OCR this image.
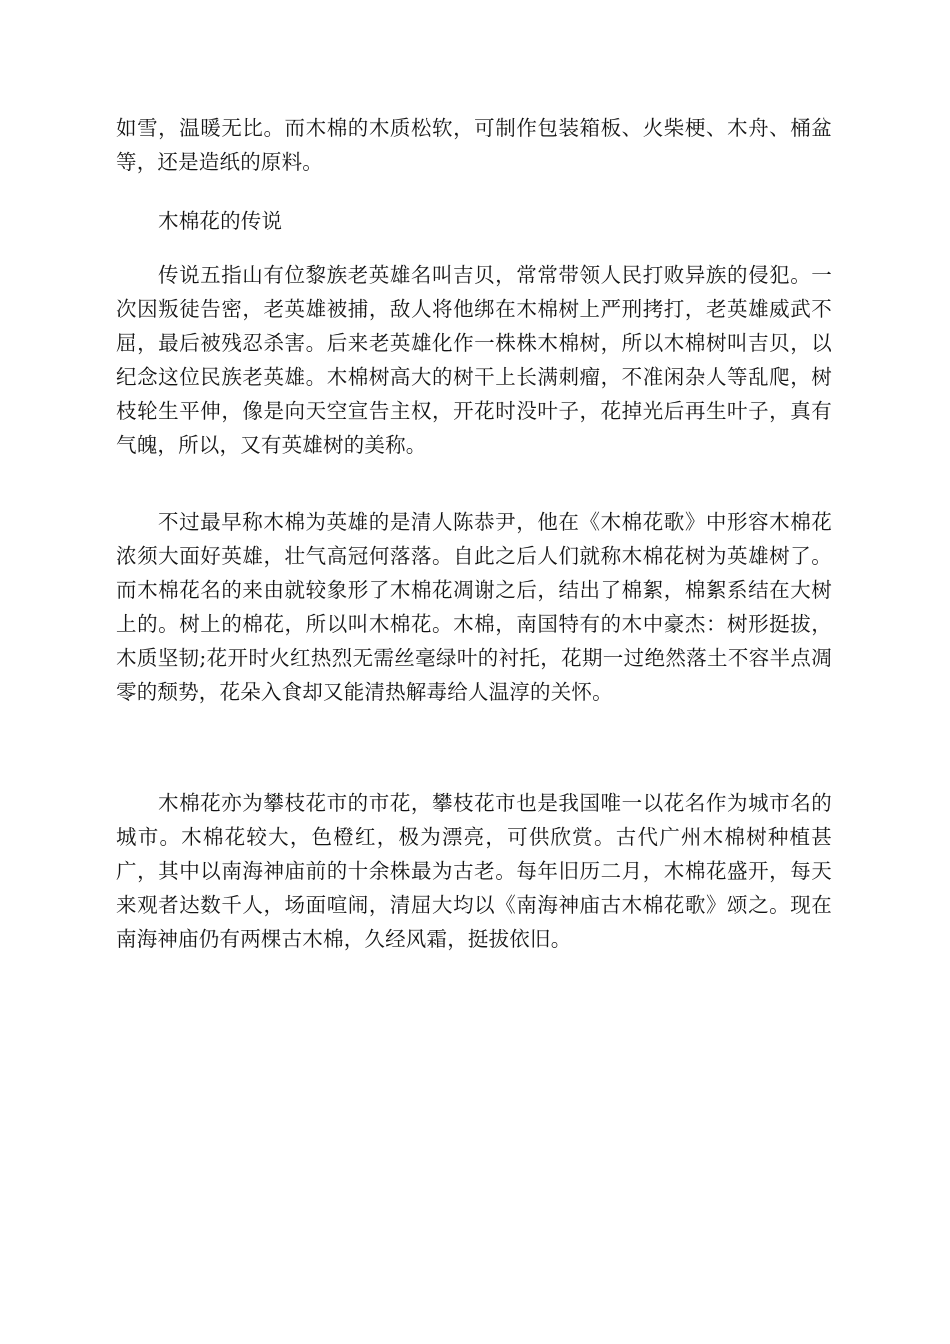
如雪，温暖无比。而木棉的木质松软，可制作包装箱板、火柴梗、木舟、桶盆等，还是造纸的原料。

木棉花的传说

传说五指山有位黎族老英雄名叫吉贝，常常带领人民打败异族的侵犯。一次因叛徒告密，老英雄被捕，敌人将他绑在木棉树上严刑拷打，老英雄威武不屈，最后被残忍杀害。后来老英雄化作一株株木棉树，所以木棉树叫吉贝，以纪念这位民族老英雄。木棉树高大的树干上长满刺瘤，不准闲杂人等乱爬，树枝轮生平伸，像是向天空宣告主权，开花时没叶子，花掉光后再生叶子，真有气魄，所以，又有英雄树的美称。

不过最早称木棉为英雄的是清人陈恭尹，他在《木棉花歌》中形容木棉花浓须大面好英雄，壮气高冠何落落。自此之后人们就称木棉花树为英雄树了。而木棉花名的来由就较象形了木棉花凋谢之后，结出了棉絮，棉絮系结在大树上的。树上的棉花，所以叫木棉花。木棉，南国特有的木中豪杰：树形挺拔，木质坚韧;花开时火红热烈无需丝毫绿叶的衬托，花期一过绝然落土不容半点凋零的颓势，花朵入食却又能清热解毒给人温淳的关怀。

木棉花亦为攀枝花市的市花，攀枝花市也是我国唯一以花名作为城市名的城市。木棉花较大，色橙红，极为漂亮，可供欣赏。古代广州木棉树种植甚广，其中以南海神庙前的十余株最为古老。每年旧历二月，木棉花盛开，每天来观者达数千人，场面喧闹，清屈大均以《南海神庙古木棉花歌》颂之。现在南海神庙仍有两棵古木棉，久经风霜，挺拔依旧。
